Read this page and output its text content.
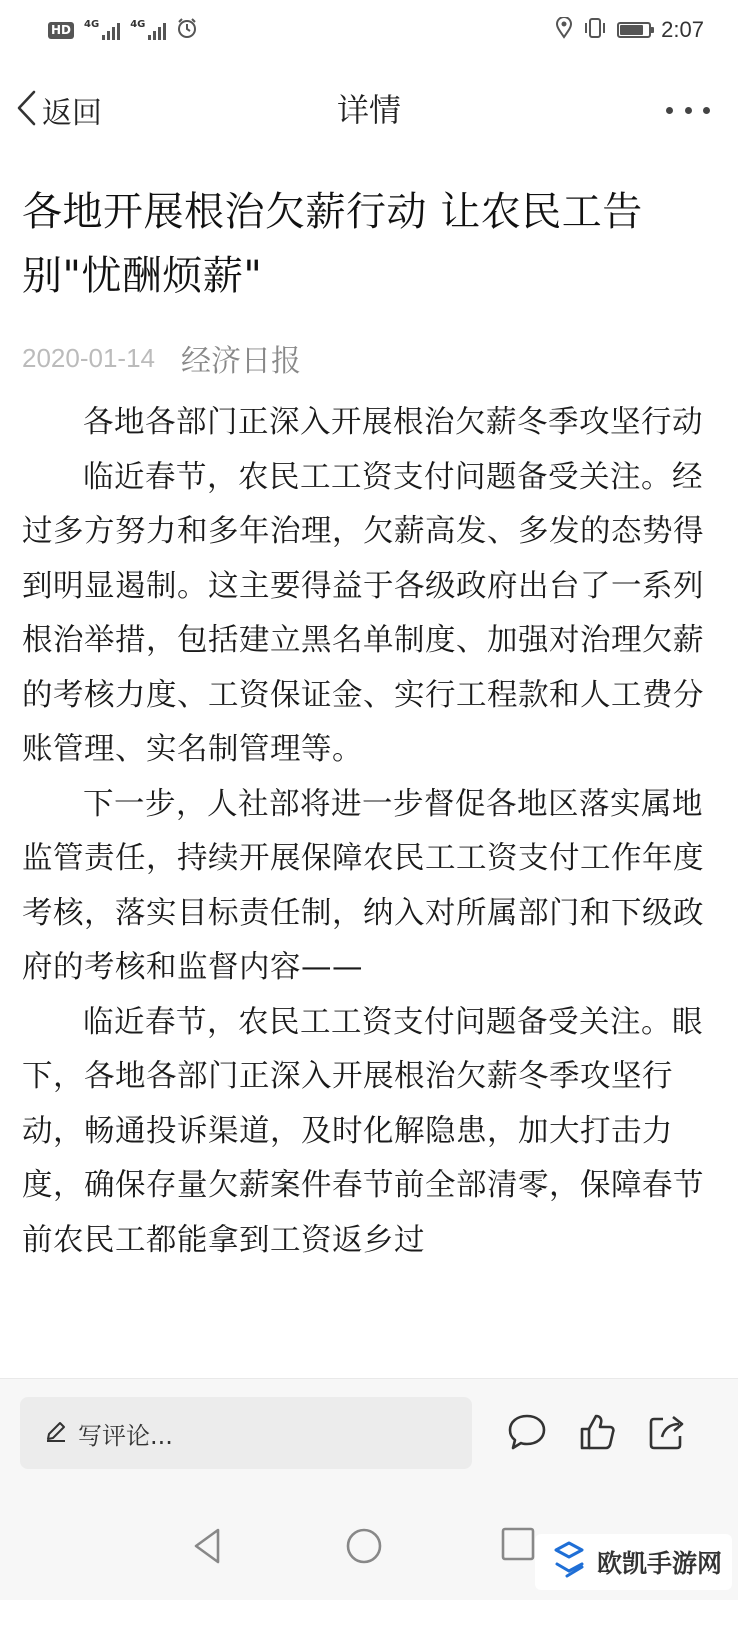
HD	4G	4G	2:07
返回	详情
各地开展根治欠薪行动 让农民工告别"忧酬烦薪"
2020-01-14 经济日报

各地各部门正深入开展根治欠薪冬季攻坚行动

临近春节，农民工工资支付问题备受关注。经过多方努力和多年治理，欠薪高发、多发的态势得到明显遏制。这主要得益于各级政府出台了一系列根治举措，包括建立黑名单制度、加强对治理欠薪的考核力度、工资保证金、实行工程款和人工费分账管理、实名制管理等。

下一步，人社部将进一步督促各地区落实属地监管责任，持续开展保障农民工工资支付工作年度考核，落实目标责任制，纳入对所属部门和下级政府的考核和监督内容——

临近春节，农民工工资支付问题备受关注。眼下，各地各部门正深入开展根治欠薪冬季攻坚行动，畅通投诉渠道，及时化解隐患，加大打击力度，确保存量欠薪案件春节前全部清零，保障春节前农民工都能拿到工资返乡过

写评论...
欧凯手游网
